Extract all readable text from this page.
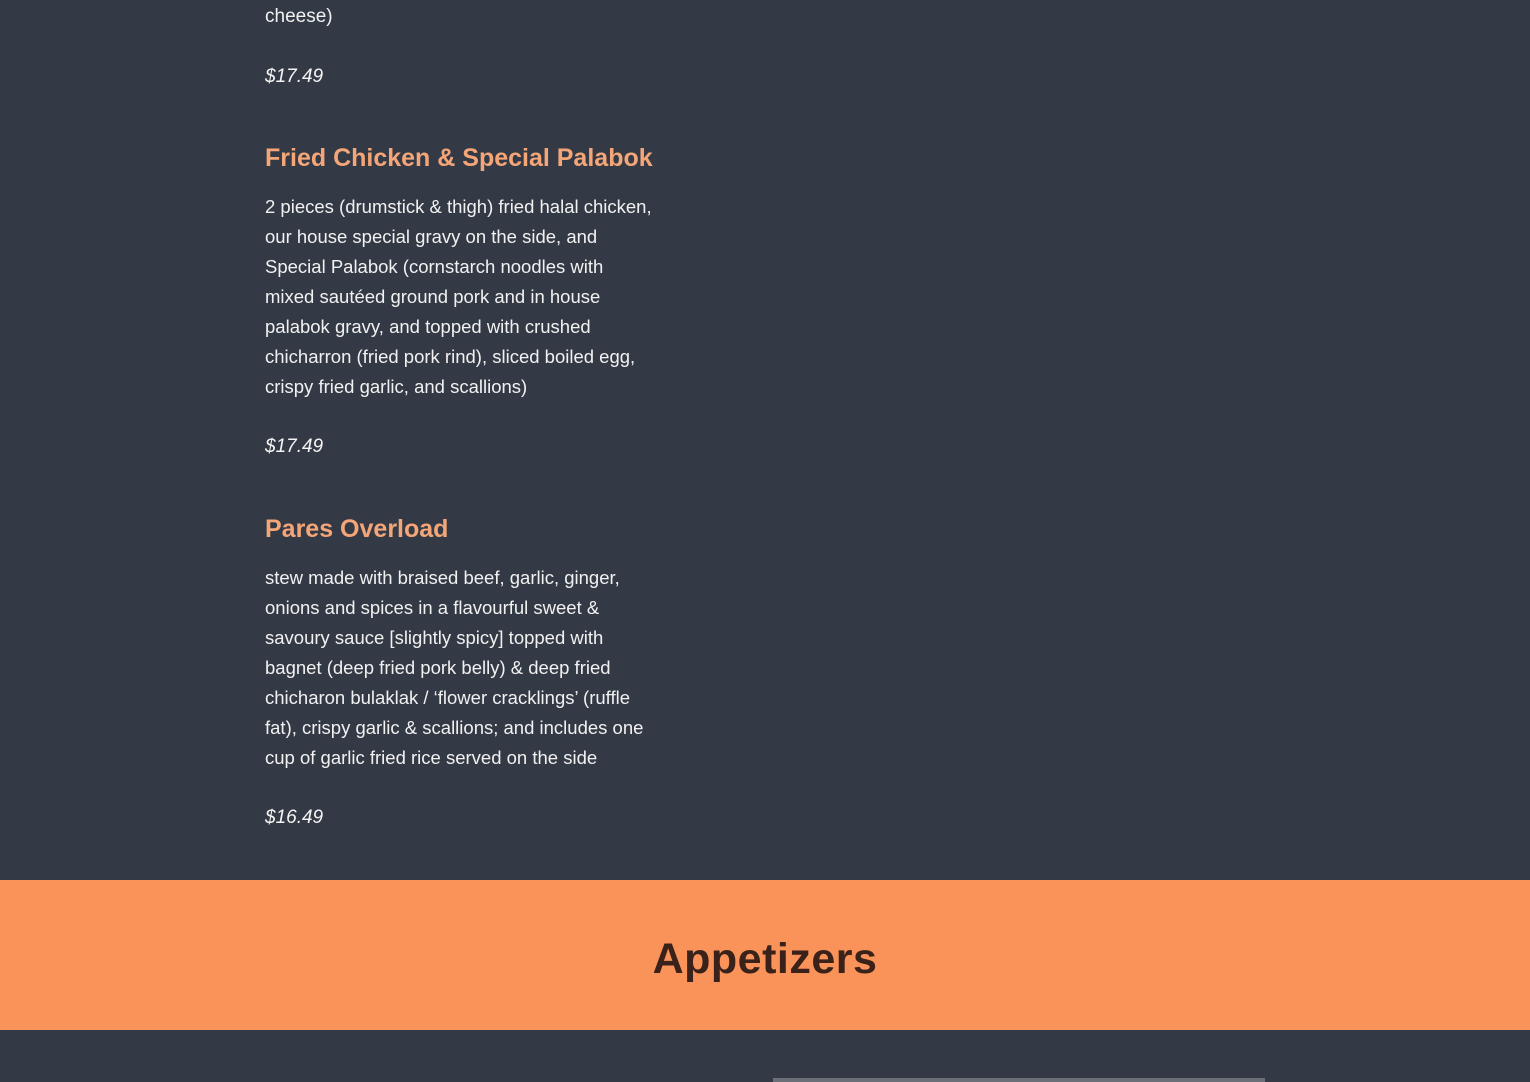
cheese)

$17.49

Fried Chicken & Special Palabok
2 pieces (drumstick & thigh) fried halal chicken,
our house special gravy on the side, and
Special Palabok (cornstarch noodles with
mixed sautéed ground pork and in house
palabok gravy, and topped with crushed
chicharron (fried pork rind), sliced boiled egg,
crispy fried garlic, and scallions)

$17.49

Pares Overload
stew made with braised beef, garlic, ginger,
onions and spices in a flavourful sweet &
savoury sauce [slightly spicy] topped with
bagnet (deep fried pork belly) & deep fried
chicharon bulaklak / ‘flower cracklings’ (ruffle
fat), crispy garlic & scallions; and includes one
cup of garlic fried rice served on the side

$16.49

Appetizers
